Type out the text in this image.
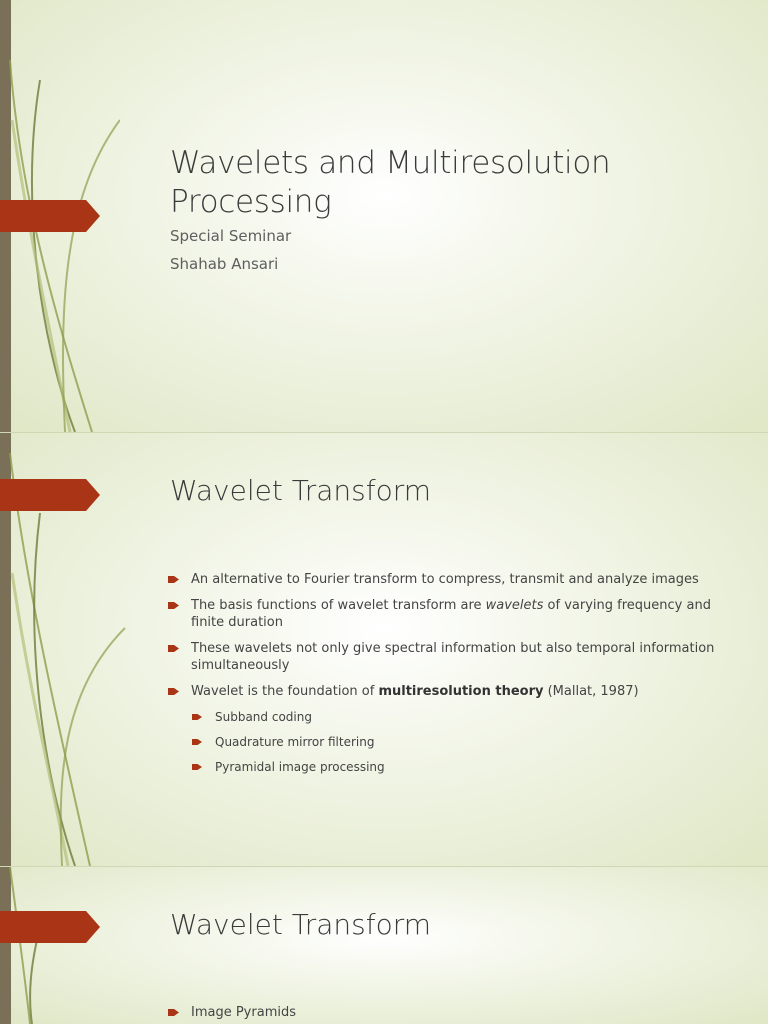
Wavelets and Multiresolution Processing
Special Seminar
Shahab Ansari
Wavelet Transform
An alternative to Fourier transform to compress, transmit and analyze images
The basis functions of wavelet transform are wavelets of varying frequency and finite duration
These wavelets not only give spectral information but also temporal information simultaneously
Wavelet is the foundation of multiresolution theory (Mallat, 1987)
Subband coding
Quadrature mirror filtering
Pyramidal image processing
Wavelet Transform
Image Pyramids
